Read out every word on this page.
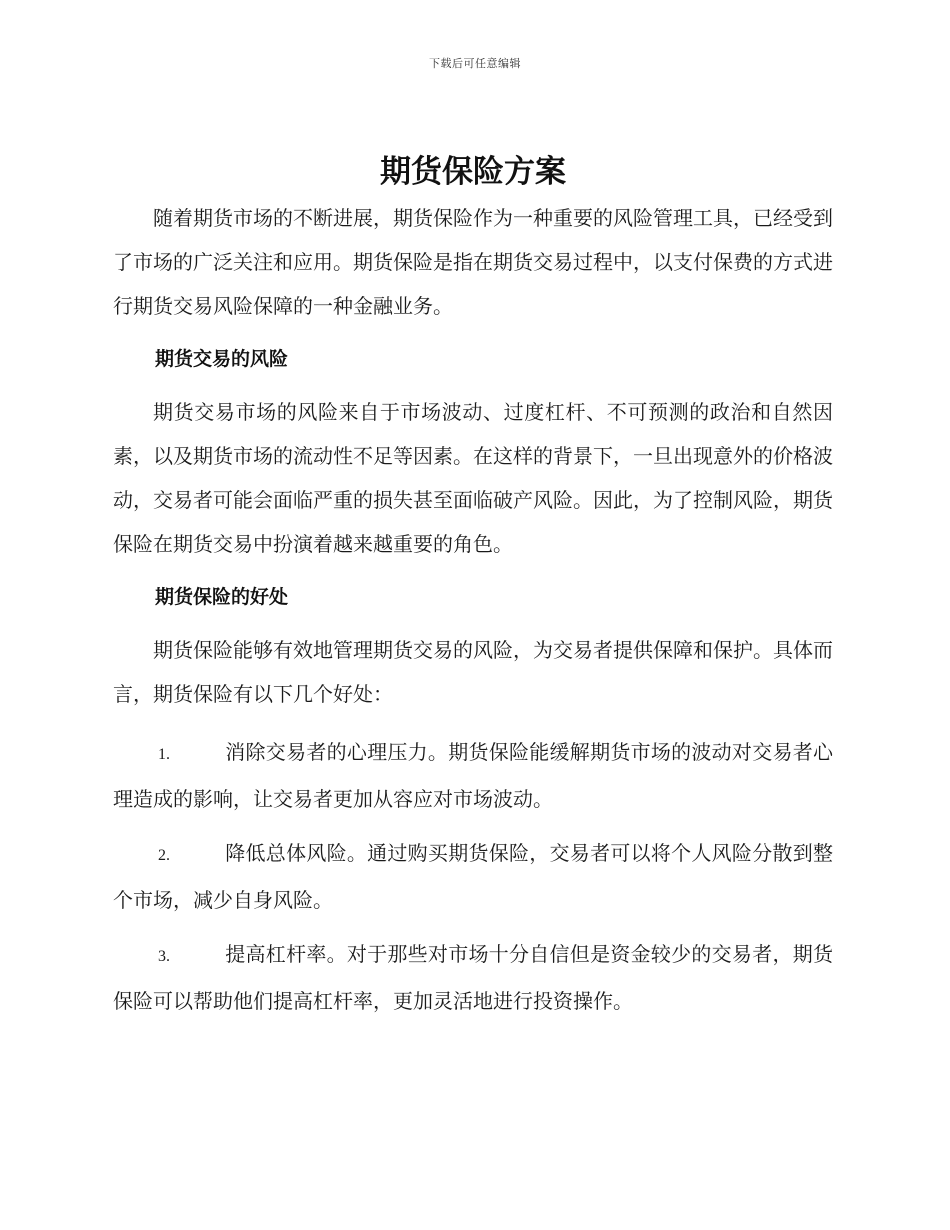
下载后可任意编辑
期货保险方案

随着期货市场的不断进展，期货保险作为一种重要的风险管理工具，已经受到了市场的广泛关注和应用。期货保险是指在期货交易过程中，以支付保费的方式进行期货交易风险保障的一种金融业务。

期货交易的风险

期货交易市场的风险来自于市场波动、过度杠杆、不可预测的政治和自然因素，以及期货市场的流动性不足等因素。在这样的背景下，一旦出现意外的价格波动，交易者可能会面临严重的损失甚至面临破产风险。因此，为了控制风险，期货保险在期货交易中扮演着越来越重要的角色。

期货保险的好处

期货保险能够有效地管理期货交易的风险，为交易者提供保障和保护。具体而言，期货保险有以下几个好处：

1.	消除交易者的心理压力。期货保险能缓解期货市场的波动对交易者心理造成的影响，让交易者更加从容应对市场波动。
2.	降低总体风险。通过购买期货保险，交易者可以将个人风险分散到整个市场，减少自身风险。
3.	提高杠杆率。对于那些对市场十分自信但是资金较少的交易者，期货保险可以帮助他们提高杠杆率，更加灵活地进行投资操作。
